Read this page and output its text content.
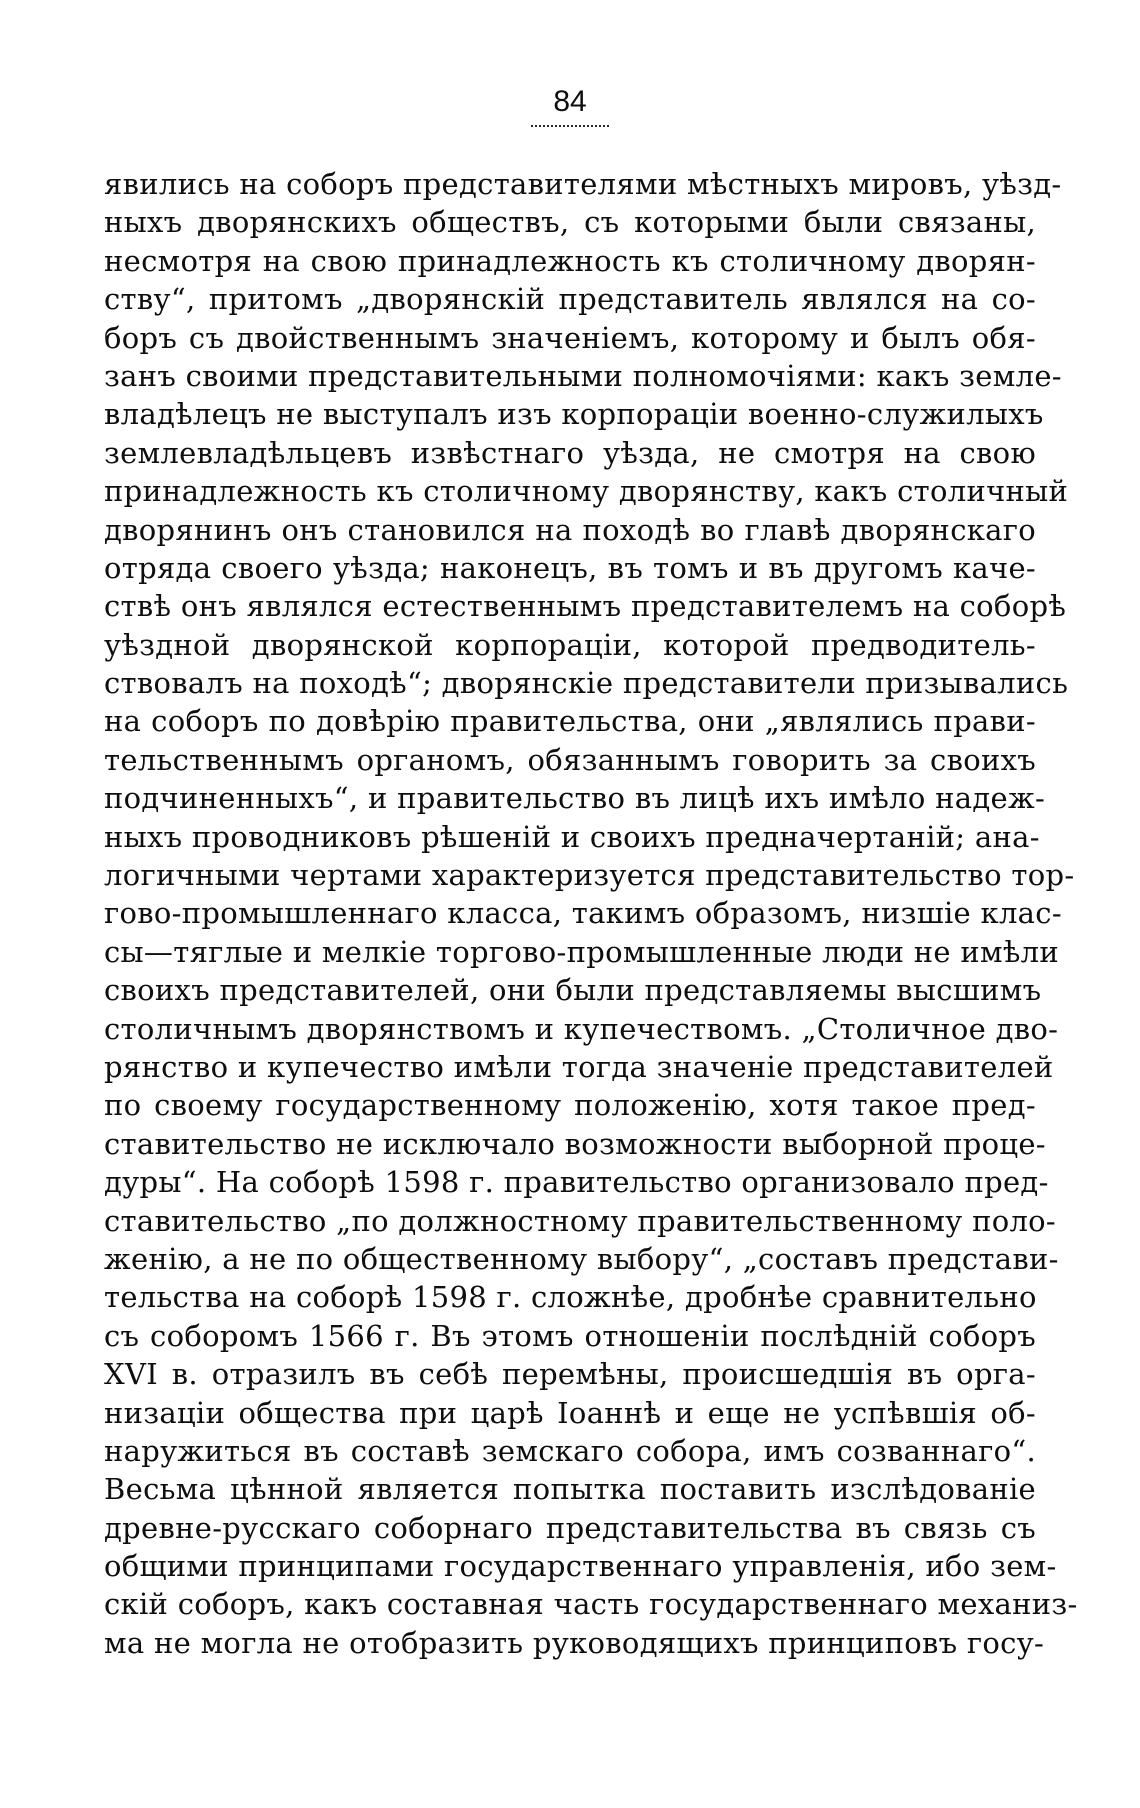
84
явились на соборъ представителями мѣстныхъ мировъ, уѣзд-
ныхъ дворянскихъ обществъ, съ которыми были связаны,
несмотря на свою принадлежность къ столичному дворян-
ству“, притомъ „дворянскій представитель являлся на со-
боръ съ двойственнымъ значеніемъ, которому и былъ обя-
занъ своими представительными полномочіями: какъ земле-
владѣлецъ не выступалъ изъ корпораціи военно-служилыхъ
землевладѣльцевъ извѣстнаго уѣзда, не смотря на свою
принадлежность къ столичному дворянству, какъ столичный
дворянинъ онъ становился на походѣ во главѣ дворянскаго
отряда своего уѣзда; наконецъ, въ томъ и въ другомъ каче-
ствѣ онъ являлся естественнымъ представителемъ на соборѣ
уѣздной дворянской корпораціи, которой предводитель-
ствовалъ на походѣ“; дворянскіе представители призывались
на соборъ по довѣрію правительства, они „являлись прави-
тельственнымъ органомъ, обязаннымъ говорить за своихъ
подчиненныхъ“, и правительство въ лицѣ ихъ имѣло надеж-
ныхъ проводниковъ рѣшеній и своихъ предначертаній; ана-
логичными чертами характеризуется представительство тор-
гово-промышленнаго класса, такимъ образомъ, низшіе клас-
сы—тяглые и мелкіе торгово-промышленные люди не имѣли
своихъ представителей, они были представляемы высшимъ
столичнымъ дворянствомъ и купечествомъ. „Столичное дво-
рянство и купечество имѣли тогда значеніе представителей
по своему государственному положенію, хотя такое пред-
ставительство не исключало возможности выборной проце-
дуры“. На соборѣ 1598 г. правительство организовало пред-
ставительство „по должностному правительственному поло-
женію, а не по общественному выбору“, „составъ представи-
тельства на соборѣ 1598 г. сложнѣе, дробнѣе сравнительно
съ соборомъ 1566 г. Въ этомъ отношеніи послѣдній соборъ
XVI в. отразилъ въ себѣ перемѣны, происшедшія въ орга-
низаціи общества при царѣ Іоаннѣ и еще не успѣвшія об-
наружиться въ составѣ земскаго собора, имъ созваннаго“.
Весьма цѣнной является попытка поставить изслѣдованіе
древне-русскаго соборнаго представительства въ связь съ
общими принципами государственнаго управленія, ибо зем-
скій соборъ, какъ составная часть государственнаго механиз-
ма не могла не отобразить руководящихъ принциповъ госу-
